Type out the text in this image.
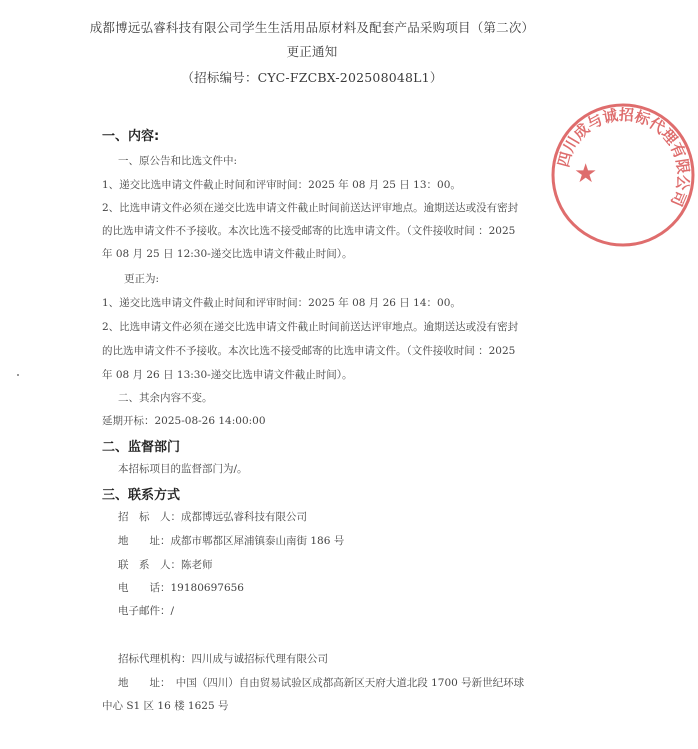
成都博远弘睿科技有限公司学生生活用品原材料及配套产品采购项目（第二次）
更正通知
（招标编号：CYC-FZCBX-202508048L1）
一、内容:
一、原公告和比选文件中:
1、递交比选申请文件截止时间和评审时间：2025 年 08 月 25 日 13：00。
2、比选申请文件必须在递交比选申请文件截止时间前送达评审地点。逾期送达或没有密封
的比选申请文件不予接收。本次比选不接受邮寄的比选申请文件。（文件接收时间 ：2025
年 08 月 25 日 12:30-递交比选申请文件截止时间）。
更正为:
1、递交比选申请文件截止时间和评审时间：2025 年 08 月 26 日 14：00。
2、比选申请文件必须在递交比选申请文件截止时间前送达评审地点。逾期送达或没有密封
的比选申请文件不予接收。本次比选不接受邮寄的比选申请文件。（文件接收时间 ：2025
年 08 月 26 日 13:30-递交比选申请文件截止时间）。
二、其余内容不变。
延期开标：2025-08-26 14:00:00
二、监督部门
本招标项目的监督部门为/。
三、联系方式
招　标　人：成都博远弘睿科技有限公司
地　　址：成都市郫都区犀浦镇泰山南街 186 号
联　系　人：陈老师
电　　话：19180697656
电子邮件：/
招标代理机构：四川成与诚招标代理有限公司
地　　址：　中国（四川）自由贸易试验区成都高新区天府大道北段 1700 号新世纪环球
中心 S1 区 16 楼 1625 号
四川成与诚招标代理有限公司
★
